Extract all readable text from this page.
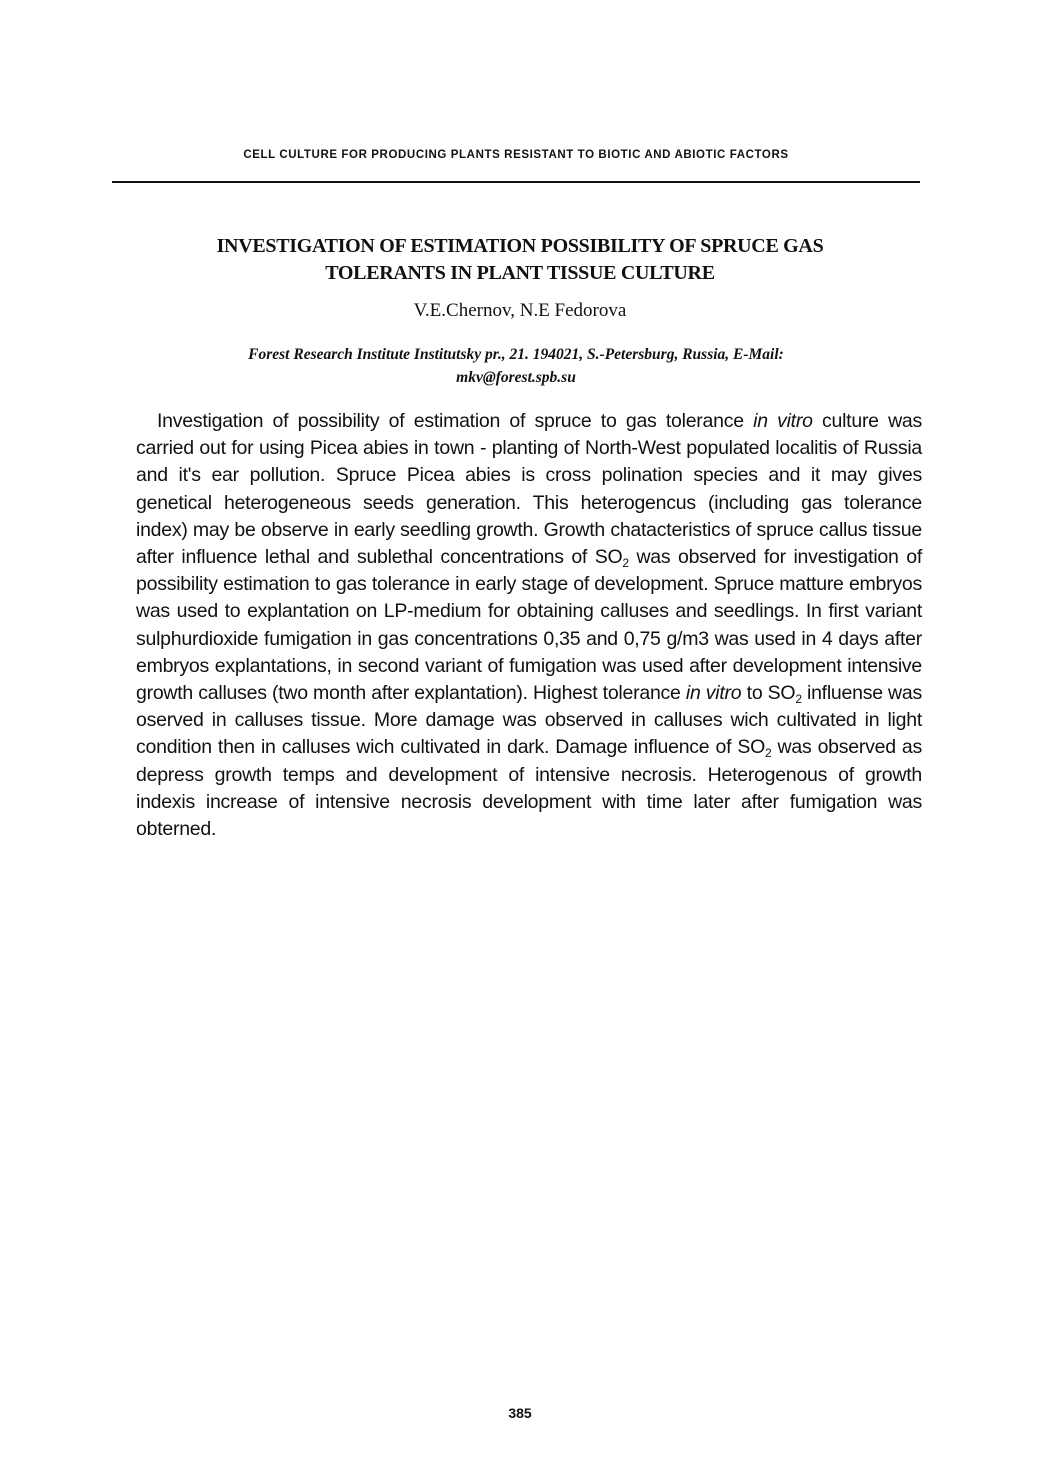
CELL CULTURE FOR PRODUCING PLANTS RESISTANT TO BIOTIC AND ABIOTIC FACTORS
INVESTIGATION OF ESTIMATION POSSIBILITY OF SPRUCE GAS
TOLERANTS IN PLANT TISSUE CULTURE
V.E.Chernov, N.E Fedorova
Forest Research Institute Institutsky pr., 21. 194021, S.-Petersburg, Russia, E-Mail:
mkv@forest.spb.su

Investigation of possibility of estimation of spruce to gas tolerance in vitro culture was carried out for using Picea abies in town - planting of North-West populated localitis of Russia and it's ear pollution. Spruce Picea abies is cross polination species and it may gives genetical heterogeneous seeds generation. This heterogencus (including gas tolerance index) may be observe in early seedling growth. Growth chatacteristics of spruce callus tissue after influence lethal and sublethal concentrations of $SO_2$ was observed for investigation of possibility estimation to gas tolerance in early stage of development. Spruce matture embryos was used to explantation on LP-medium for obtaining calluses and seedlings. In first variant sulphurdioxide fumigation in gas concentrations 0,35 and 0,75 g/m3 was used in 4 days after embryos explantations, in second variant of fumigation was used after development intensive growth calluses (two month after explantation). Highest tolerance in vitro to $SO_2$ influense was oserved in calluses tissue. More damage was observed in calluses wich cultivated in light condition then in calluses wich cultivated in dark. Damage influence of $SO_2$ was observed as depress growth temps and development of intensive necrosis. Heterogenous of growth indexis increase of intensive necrosis development with time later after fumigation was obterned.

385
